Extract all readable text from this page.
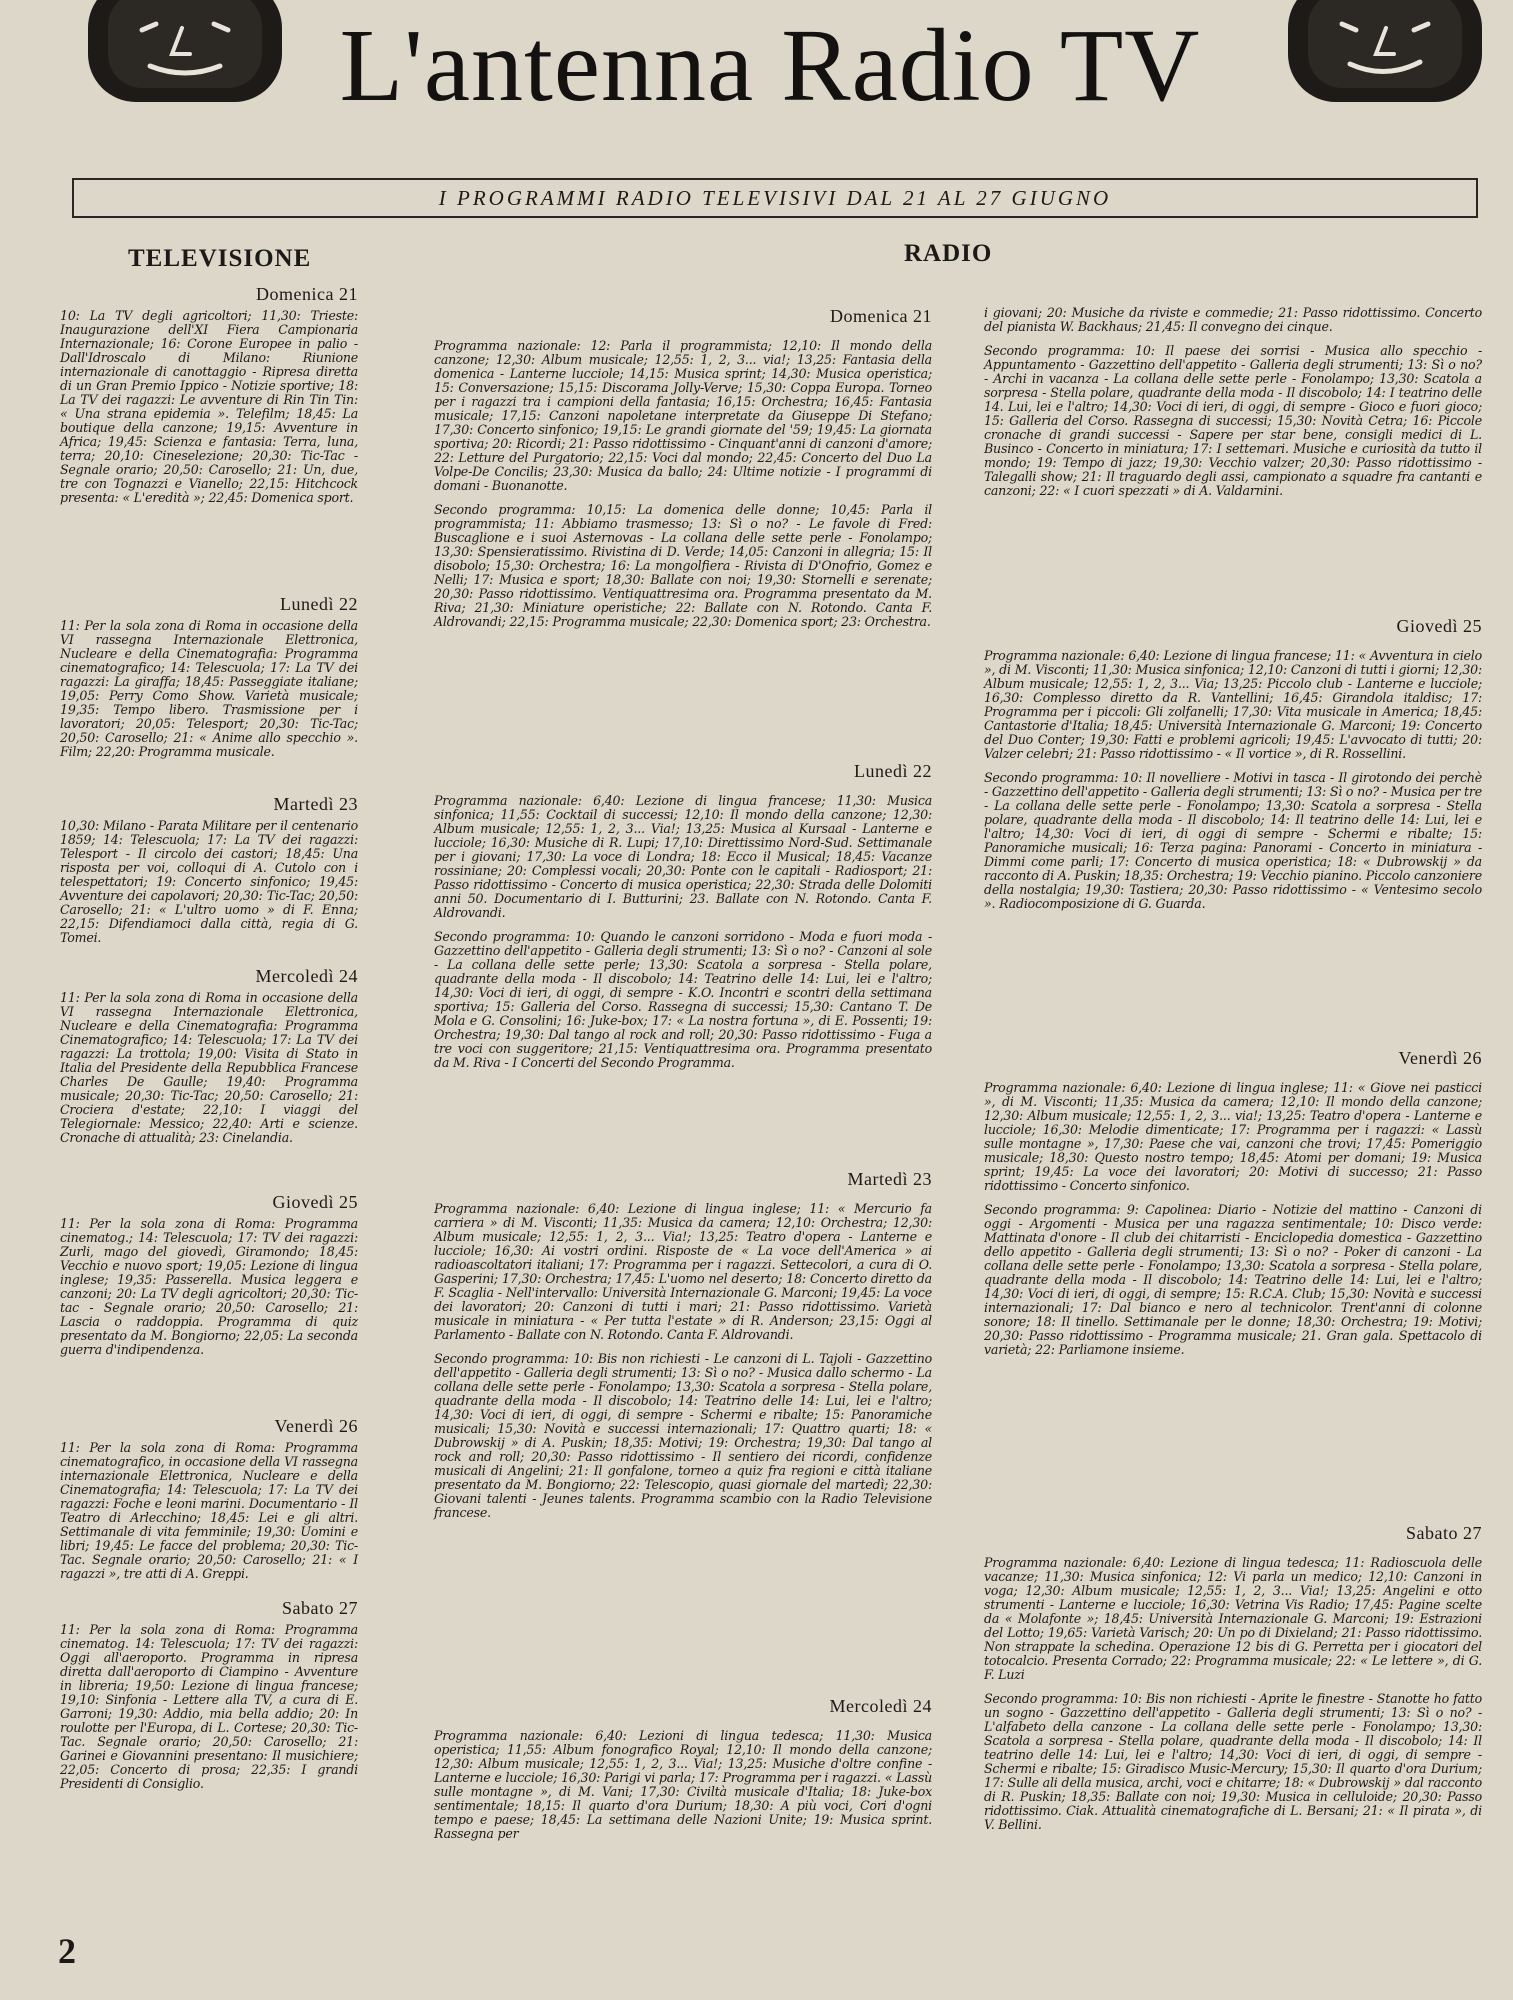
L'antenna Radio TV
I PROGRAMMI RADIO TELEVISIVI DAL 21 AL 27 GIUGNO
TELEVISIONE	RADIO
Domenica 21

10: La TV degli agricoltori; 11,30: Trieste: Inaugurazione dell'XI Fiera Campionaria Internazionale; 16: Corone Europee in palio - Dall'Idroscalo di Milano: Riunione internazionale di canottaggio - Ripresa diretta di un Gran Premio Ippico - Notizie sportive; 18: La TV dei ragazzi: Le avventure di Rin Tin Tin: « Una strana epidemia ». Telefilm; 18,45: La boutique della canzone; 19,15: Avventure in Africa; 19,45: Scienza e fantasia: Terra, luna, terra; 20,10: Cineselezione; 20,30: Tic-Tac - Segnale orario; 20,50: Carosello; 21: Un, due, tre con Tognazzi e Vianello; 22,15: Hitchcock presenta: « L'eredità »; 22,45: Domenica sport.

Lunedì 22

11: Per la sola zona di Roma in occasione della VI rassegna Internazionale Elettronica, Nucleare e della Cinematografia: Programma cinematografico; 14: Telescuola; 17: La TV dei ragazzi: La giraffa; 18,45: Passeggiate italiane; 19,05: Perry Como Show. Varietà musicale; 19,35: Tempo libero. Trasmissione per i lavoratori; 20,05: Telesport; 20,30: Tic-Tac; 20,50: Carosello; 21: « Anime allo specchio ». Film; 22,20: Programma musicale.

Martedì 23

10,30: Milano - Parata Militare per il centenario 1859; 14: Telescuola; 17: La TV dei ragazzi: Telesport - Il circolo dei castori; 18,45: Una risposta per voi, colloqui di A. Cutolo con i telespettatori; 19: Concerto sinfonico; 19,45: Avventure dei capolavori; 20,30: Tic-Tac; 20,50: Carosello; 21: « L'ultro uomo » di F. Enna; 22,15: Difendiamoci dalla città, regia di G. Tomei.

Mercoledì 24

11: Per la sola zona di Roma in occasione della VI rassegna Internazionale Elettronica, Nucleare e della Cinematografia: Programma Cinematografico; 14: Telescuola; 17: La TV dei ragazzi: La trottola; 19,00: Visita di Stato in Italia del Presidente della Repubblica Francese Charles De Gaulle; 19,40: Programma musicale; 20,30: Tic-Tac; 20,50: Carosello; 21: Crociera d'estate; 22,10: I viaggi del Telegiornale: Messico; 22,40: Arti e scienze. Cronache di attualità; 23: Cinelandia.

Giovedì 25

11: Per la sola zona di Roma: Programma cinematog.; 14: Telescuola; 17: TV dei ragazzi: Zurli, mago del giovedì, Giramondo; 18,45: Vecchio e nuovo sport; 19,05: Lezione di lingua inglese; 19,35: Passerella. Musica leggera e canzoni; 20: La TV degli agricoltori; 20,30: Tic-tac - Segnale orario; 20,50: Carosello; 21: Lascia o raddoppia. Programma di quiz presentato da M. Bongiorno; 22,05: La seconda guerra d'indipendenza.

Venerdì 26

11: Per la sola zona di Roma: Programma cinematografico, in occasione della VI rassegna internazionale Elettronica, Nucleare e della Cinematografia; 14: Telescuola; 17: La TV dei ragazzi: Foche e leoni marini. Documentario - Il Teatro di Arlecchino; 18,45: Lei e gli altri. Settimanale di vita femminile; 19,30: Uomini e libri; 19,45: Le facce del problema; 20,30: Tic-Tac. Segnale orario; 20,50: Carosello; 21: « I ragazzi », tre atti di A. Greppi.

Sabato 27

11: Per la sola zona di Roma: Programma cinematog. 14: Telescuola; 17: TV dei ragazzi: Oggi all'aeroporto. Programma in ripresa diretta dall'aeroporto di Ciampino - Avventure in libreria; 19,50: Lezione di lingua francese; 19,10: Sinfonia - Lettere alla TV, a cura di E. Garroni; 19,30: Addio, mia bella addio; 20: In roulotte per l'Europa, di L. Cortese; 20,30: Tic-Tac. Segnale orario; 20,50: Carosello; 21: Garinei e Giovannini presentano: Il musichiere; 22,05: Concerto di prosa; 22,35: I grandi Presidenti di Consiglio.

Domenica 21

Programma nazionale: 12: Parla il programmista; 12,10: Il mondo della canzone; 12,30: Album musicale; 12,55: 1, 2, 3... via!; 13,25: Fantasia della domenica - Lanterne lucciole; 14,15: Musica sprint; 14,30: Musica operistica; 15: Conversazione; 15,15: Discorama Jolly-Verve; 15,30: Coppa Europa. Torneo per i ragazzi tra i campioni della fantasia; 16,15: Orchestra; 16,45: Fantasia musicale; 17,15: Canzoni napoletane interpretate da Giuseppe Di Stefano; 17,30: Concerto sinfonico; 19,15: Le grandi giornate del '59; 19,45: La giornata sportiva; 20: Ricordi; 21: Passo ridottissimo - Cinquant'anni di canzoni d'amore; 22: Letture del Purgatorio; 22,15: Voci dal mondo; 22,45: Concerto del Duo La Volpe-De Concilis; 23,30: Musica da ballo; 24: Ultime notizie - I programmi di domani - Buonanotte.

Secondo programma: 10,15: La domenica delle donne; 10,45: Parla il programmista; 11: Abbiamo trasmesso; 13: Sì o no? - Le favole di Fred: Buscaglione e i suoi Asternovas - La collana delle sette perle - Fonolampo; 13,30: Spensieratissimo. Rivistina di D. Verde; 14,05: Canzoni in allegria; 15: Il disobolo; 15,30: Orchestra; 16: La mongolfiera - Rivista di D'Onofrio, Gomez e Nelli; 17: Musica e sport; 18,30: Ballate con noi; 19,30: Stornelli e serenate; 20,30: Passo ridottissimo. Ventiquattresima ora. Programma presentato da M. Riva; 21,30: Miniature operistiche; 22: Ballate con N. Rotondo. Canta F. Aldrovandi; 22,15: Programma musicale; 22,30: Domenica sport; 23: Orchestra.

Lunedì 22

Programma nazionale: 6,40: Lezione di lingua francese; 11,30: Musica sinfonica; 11,55: Cocktail di successi; 12,10: Il mondo della canzone; 12,30: Album musicale; 12,55: 1, 2, 3... Via!; 13,25: Musica al Kursaal - Lanterne e lucciole; 16,30: Musiche di R. Lupi; 17,10: Direttissimo Nord-Sud. Settimanale per i giovani; 17,30: La voce di Londra; 18: Ecco il Musical; 18,45: Vacanze rossiniane; 20: Complessi vocali; 20,30: Ponte con le capitali - Radiosport; 21: Passo ridottissimo - Concerto di musica operistica; 22,30: Strada delle Dolomiti anni 50. Documentario di I. Butturini; 23. Ballate con N. Rotondo. Canta F. Aldrovandi.

Secondo programma: 10: Quando le canzoni sorridono - Moda e fuori moda - Gazzettino dell'appetito - Galleria degli strumenti; 13: Sì o no? - Canzoni al sole - La collana delle sette perle; 13,30: Scatola a sorpresa - Stella polare, quadrante della moda - Il discobolo; 14: Teatrino delle 14: Lui, lei e l'altro; 14,30: Voci di ieri, di oggi, di sempre - K.O. Incontri e scontri della settimana sportiva; 15: Galleria del Corso. Rassegna di successi; 15,30: Cantano T. De Mola e G. Consolini; 16: Juke-box; 17: « La nostra fortuna », di E. Possenti; 19: Orchestra; 19,30: Dal tango al rock and roll; 20,30: Passo ridottissimo - Fuga a tre voci con suggeritore; 21,15: Ventiquattresima ora. Programma presentato da M. Riva - I Concerti del Secondo Programma.

Martedì 23

Programma nazionale: 6,40: Lezione di lingua inglese; 11: « Mercurio fa carriera » di M. Visconti; 11,35: Musica da camera; 12,10: Orchestra; 12,30: Album musicale; 12,55: 1, 2, 3... Via!; 13,25: Teatro d'opera - Lanterne e lucciole; 16,30: Ai vostri ordini. Risposte de « La voce dell'America » ai radioascoltatori italiani; 17: Programma per i ragazzi. Settecolori, a cura di O. Gasperini; 17,30: Orchestra; 17,45: L'uomo nel deserto; 18: Concerto diretto da F. Scaglia - Nell'intervallo: Università Internazionale G. Marconi; 19,45: La voce dei lavoratori; 20: Canzoni di tutti i mari; 21: Passo ridottissimo. Varietà musicale in miniatura - « Per tutta l'estate » di R. Anderson; 23,15: Oggi al Parlamento - Ballate con N. Rotondo. Canta F. Aldrovandi.

Secondo programma: 10: Bis non richiesti - Le canzoni di L. Tajoli - Gazzettino dell'appetito - Galleria degli strumenti; 13: Sì o no? - Musica dallo schermo - La collana delle sette perle - Fonolampo; 13,30: Scatola a sorpresa - Stella polare, quadrante della moda - Il discobolo; 14: Teatrino delle 14: Lui, lei e l'altro; 14,30: Voci di ieri, di oggi, di sempre - Schermi e ribalte; 15: Panoramiche musicali; 15,30: Novità e successi internazionali; 17: Quattro quarti; 18: « Dubrowskij » di A. Puskin; 18,35: Motivi; 19: Orchestra; 19,30: Dal tango al rock and roll; 20,30: Passo ridottissimo - Il sentiero dei ricordi, confidenze musicali di Angelini; 21: Il gonfalone, torneo a quiz fra regioni e città italiane presentato da M. Bongiorno; 22: Telescopio, quasi giornale del martedì; 22,30: Giovani talenti - Jeunes talents. Programma scambio con la Radio Televisione francese.

Mercoledì 24

Programma nazionale: 6,40: Lezioni di lingua tedesca; 11,30: Musica operistica; 11,55: Album fonografico Royal; 12,10: Il mondo della canzone; 12,30: Album musicale; 12,55: 1, 2, 3... Via!; 13,25: Musiche d'oltre confine - Lanterne e lucciole; 16,30: Parigi vi parla; 17: Programma per i ragazzi. « Lassù sulle montagne », di M. Vani; 17,30: Civiltà musicale d'Italia; 18: Juke-box sentimentale; 18,15: Il quarto d'ora Durium; 18,30: A più voci, Cori d'ogni tempo e paese; 18,45: La settimana delle Nazioni Unite; 19: Musica sprint. Rassegna per

i giovani; 20: Musiche da riviste e commedie; 21: Passo ridottissimo. Concerto del pianista W. Backhaus; 21,45: Il convegno dei cinque.

Secondo programma: 10: Il paese dei sorrisi - Musica allo specchio - Appuntamento - Gazzettino dell'appetito - Galleria degli strumenti; 13: Sì o no? - Archi in vacanza - La collana delle sette perle - Fonolampo; 13,30: Scatola a sorpresa - Stella polare, quadrante della moda - Il discobolo; 14: I teatrino delle 14. Lui, lei e l'altro; 14,30: Voci di ieri, di oggi, di sempre - Gioco e fuori gioco; 15: Galleria del Corso. Rassegna di successi; 15,30: Novità Cetra; 16: Piccole cronache di grandi successi - Sapere per star bene, consigli medici di L. Businco - Concerto in miniatura; 17: I settemari. Musiche e curiosità da tutto il mondo; 19: Tempo di jazz; 19,30: Vecchio valzer; 20,30: Passo ridottissimo - Talegalli show; 21: Il traguardo degli assi, campionato a squadre fra cantanti e canzoni; 22: « I cuori spezzati » di A. Valdarnini.

Giovedì 25

Programma nazionale: 6,40: Lezione di lingua francese; 11: « Avventura in cielo », di M. Visconti; 11,30: Musica sinfonica; 12,10: Canzoni di tutti i giorni; 12,30: Album musicale; 12,55: 1, 2, 3... Via; 13,25: Piccolo club - Lanterne e lucciole; 16,30: Complesso diretto da R. Vantellini; 16,45: Girandola italdisc; 17: Programma per i piccoli: Gli zolfanelli; 17,30: Vita musicale in America; 18,45: Cantastorie d'Italia; 18,45: Università Internazionale G. Marconi; 19: Concerto del Duo Conter; 19,30: Fatti e problemi agricoli; 19,45: L'avvocato di tutti; 20: Valzer celebri; 21: Passo ridottissimo - « Il vortice », di R. Rossellini.

Secondo programma: 10: Il novelliere - Motivi in tasca - Il girotondo dei perchè - Gazzettino dell'appetito - Galleria degli strumenti; 13: Sì o no? - Musica per tre - La collana delle sette perle - Fonolampo; 13,30: Scatola a sorpresa - Stella polare, quadrante della moda - Il discobolo; 14: Il teatrino delle 14: Lui, lei e l'altro; 14,30: Voci di ieri, di oggi di sempre - Schermi e ribalte; 15: Panoramiche musicali; 16: Terza pagina: Panorami - Concerto in miniatura - Dimmi come parli; 17: Concerto di musica operistica; 18: « Dubrowskij » da racconto di A. Puskin; 18,35: Orchestra; 19: Vecchio pianino. Piccolo canzoniere della nostalgia; 19,30: Tastiera; 20,30: Passo ridottissimo - « Ventesimo secolo ». Radiocomposizione di G. Guarda.

Venerdì 26

Programma nazionale: 6,40: Lezione di lingua inglese; 11: « Giove nei pasticci », di M. Visconti; 11,35: Musica da camera; 12,10: Il mondo della canzone; 12,30: Album musicale; 12,55: 1, 2, 3... via!; 13,25: Teatro d'opera - Lanterne e lucciole; 16,30: Melodie dimenticate; 17: Programma per i ragazzi: « Lassù sulle montagne », 17,30: Paese che vai, canzoni che trovi; 17,45: Pomeriggio musicale; 18,30: Questo nostro tempo; 18,45: Atomi per domani; 19: Musica sprint; 19,45: La voce dei lavoratori; 20: Motivi di successo; 21: Passo ridottissimo - Concerto sinfonico.

Secondo programma: 9: Capolinea: Diario - Notizie del mattino - Canzoni di oggi - Argomenti - Musica per una ragazza sentimentale; 10: Disco verde: Mattinata d'onore - Il club dei chitarristi - Enciclopedia domestica - Gazzettino dello appetito - Galleria degli strumenti; 13: Sì o no? - Poker di canzoni - La collana delle sette perle - Fonolampo; 13,30: Scatola a sorpresa - Stella polare, quadrante della moda - Il discobolo; 14: Teatrino delle 14: Lui, lei e l'altro; 14,30: Voci di ieri, di oggi, di sempre; 15: R.C.A. Club; 15,30: Novità e successi internazionali; 17: Dal bianco e nero al technicolor. Trent'anni di colonne sonore; 18: Il tinello. Settimanale per le donne; 18,30: Orchestra; 19: Motivi; 20,30: Passo ridottissimo - Programma musicale; 21. Gran gala. Spettacolo di varietà; 22: Parliamone insieme.

Sabato 27

Programma nazionale: 6,40: Lezione di lingua tedesca; 11: Radioscuola delle vacanze; 11,30: Musica sinfonica; 12: Vi parla un medico; 12,10: Canzoni in voga; 12,30: Album musicale; 12,55: 1, 2, 3... Via!; 13,25: Angelini e otto strumenti - Lanterne e lucciole; 16,30: Vetrina Vis Radio; 17,45: Pagine scelte da « Molafonte »; 18,45: Università Internazionale G. Marconi; 19: Estrazioni del Lotto; 19,65: Varietà Varisch; 20: Un po di Dixieland; 21: Passo ridottissimo. Non strappate la schedina. Operazione 12 bis di G. Perretta per i giocatori del totocalcio. Presenta Corrado; 22: Programma musicale; 22: « Le lettere », di G. F. Luzi

Secondo programma: 10: Bis non richiesti - Aprite le finestre - Stanotte ho fatto un sogno - Gazzettino dell'appetito - Galleria degli strumenti; 13: Sì o no? - L'alfabeto della canzone - La collana delle sette perle - Fonolampo; 13,30: Scatola a sorpresa - Stella polare, quadrante della moda - Il discobolo; 14: Il teatrino delle 14: Lui, lei e l'altro; 14,30: Voci di ieri, di oggi, di sempre - Schermi e ribalte; 15: Giradisco Music-Mercury; 15,30: Il quarto d'ora Durium; 17: Sulle ali della musica, archi, voci e chitarre; 18: « Dubrowskij » dal racconto di R. Puskin; 18,35: Ballate con noi; 19,30: Musica in celluloide; 20,30: Passo ridottissimo. Ciak. Attualità cinematografiche di L. Bersani; 21: « Il pirata », di V. Bellini.

2
